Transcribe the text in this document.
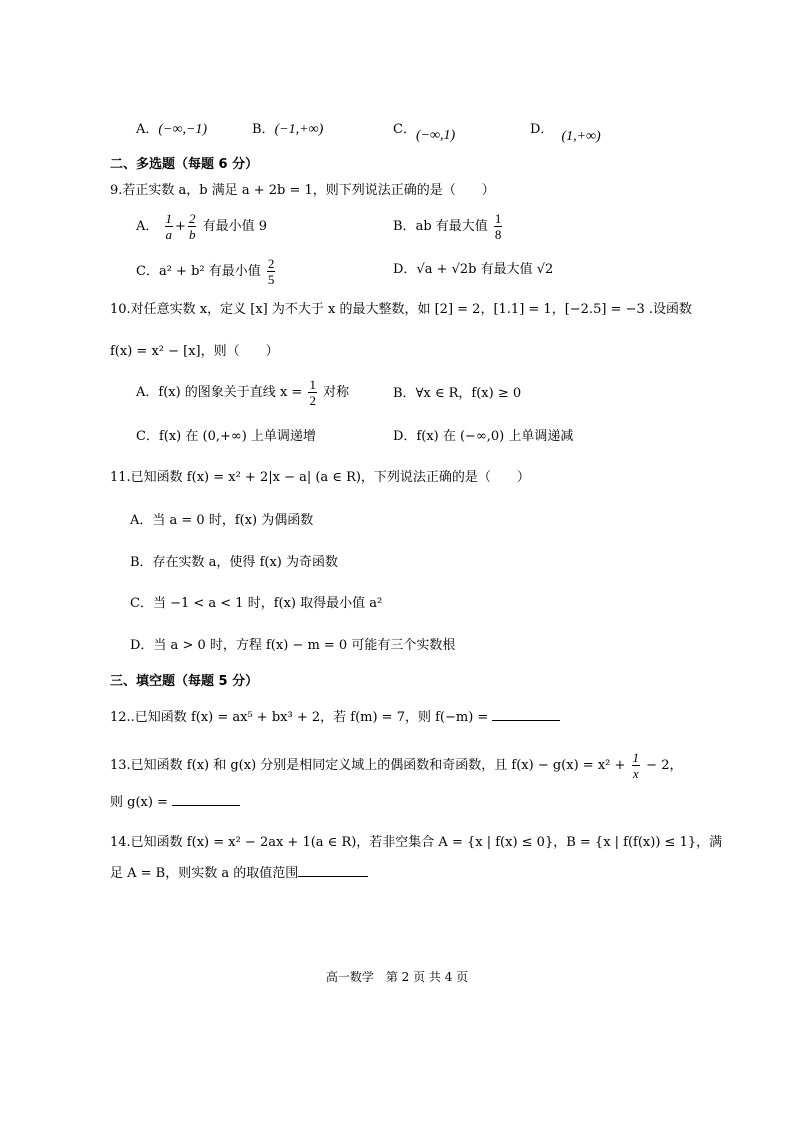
A．(−∞,−1)	B．(−1,+∞)	C．(−∞,1)	D． (1,+∞)
二、多选题（每题 6 分）
9.若正实数 a，b 满足 a + 2b = 1，则下列说法正确的是（　　）
A． $\frac{1}{a} + \frac{2}{b}$ 有最小值 9	B．ab 有最大值 $\frac{1}{8}$
C．a² + b² 有最小值 $\frac{2}{5}$	D．√a + √2b 有最大值 √2
10.对任意实数 x，定义 [x] 为不大于 x 的最大整数，如 [2] = 2，[1.1] = 1，[−2.5] = −3 .设函数
f(x) = x² − [x]，则（　　）
A．f(x) 的图象关于直线 $x = \frac{1}{2}$ 对称	B．∀x ∈ R，f(x) ≥ 0
C．f(x) 在 (0,+∞) 上单调递增	D．f(x) 在 (−∞,0) 上单调递减
11.已知函数 f(x) = x² + 2|x − a| (a ∈ R)，下列说法正确的是（　　）
A．当 a = 0 时，f(x) 为偶函数
B．存在实数 a，使得 f(x) 为奇函数
C．当 −1 < a < 1 时，f(x) 取得最小值 a²
D．当 a > 0 时，方程 f(x) − m = 0 可能有三个实数根
三、填空题（每题 5 分）
12..已知函数 f(x) = ax⁵ + bx³ + 2，若 f(m) = 7，则 f(−m) =
13.已知函数 f(x) 和 g(x) 分别是相同定义域上的偶函数和奇函数，且 $f(x) - g(x) = x^2 + \frac{1}{x} - 2$，
则 g(x) =
14.已知函数 f(x) = x² − 2ax + 1(a ∈ R)，若非空集合 A = {x | f(x) ≤ 0}，B = {x | f(f(x)) ≤ 1}，满
足 A = B，则实数 a 的取值范围
高一数学　第 2 页 共 4 页
